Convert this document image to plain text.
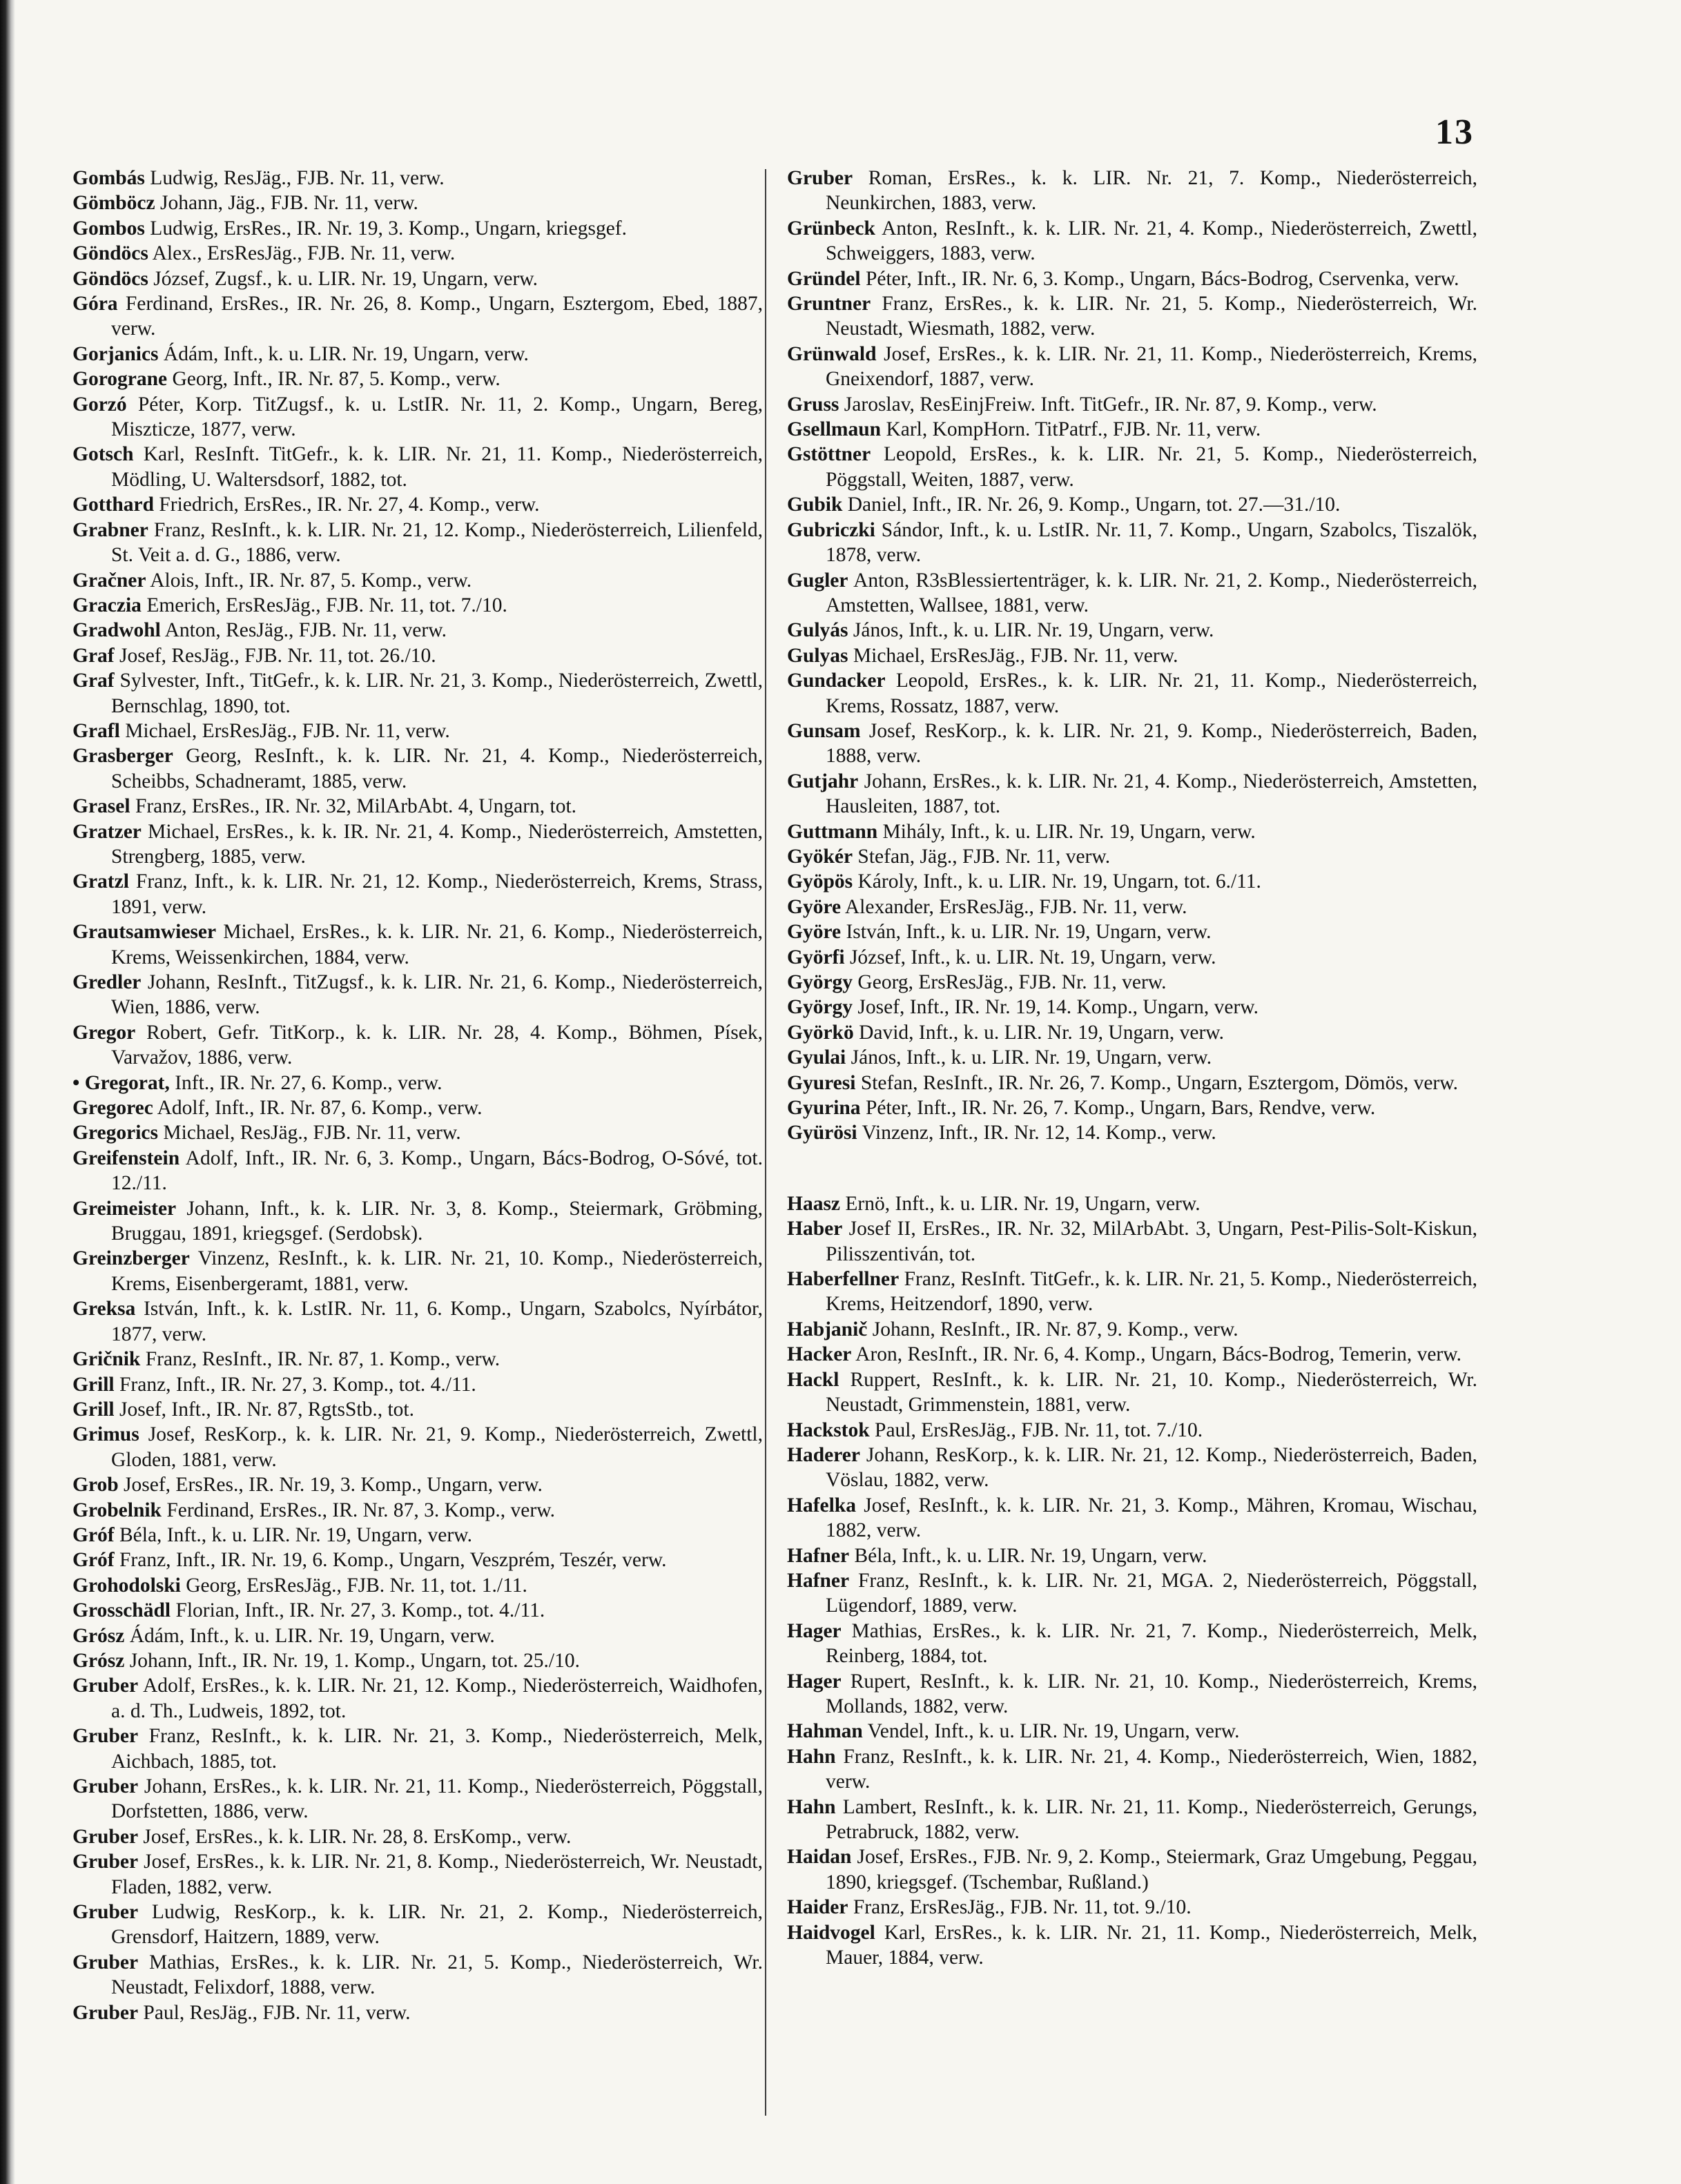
13
Gombás Ludwig, ResJäg., FJB. Nr. 11, verw.
Gömböcz Johann, Jäg., FJB. Nr. 11, verw.
Gombos Ludwig, ErsRes., IR. Nr. 19, 3. Komp., Ungarn, kriegsgef.
Göndöcs Alex., ErsResJäg., FJB. Nr. 11, verw.
Göndöcs József, Zugsf., k. u. LIR. Nr. 19, Ungarn, verw.
Góra Ferdinand, ErsRes., IR. Nr. 26, 8. Komp., Ungarn, Esztergom, Ebed, 1887, verw.
Gorjanics Ádám, Inft., k. u. LIR. Nr. 19, Ungarn, verw.
Gorograne Georg, Inft., IR. Nr. 87, 5. Komp., verw.
Gorzó Péter, Korp. TitZugsf., k. u. LstIR. Nr. 11, 2. Komp., Ungarn, Bereg, Miszticze, 1877, verw.
Gotsch Karl, ResInft. TitGefr., k. k. LIR. Nr. 21, 11. Komp., Niederösterreich, Mödling, U. Waltersdsorf, 1882, tot.
Gotthard Friedrich, ErsRes., IR. Nr. 27, 4. Komp., verw.
Grabner Franz, ResInft., k. k. LIR. Nr. 21, 12. Komp., Niederösterreich, Lilienfeld, St. Veit a. d. G., 1886, verw.
Gračner Alois, Inft., IR. Nr. 87, 5. Komp., verw.
Graczia Emerich, ErsResJäg., FJB. Nr. 11, tot. 7./10.
Gradwohl Anton, ResJäg., FJB. Nr. 11, verw.
Graf Josef, ResJäg., FJB. Nr. 11, tot. 26./10.
Graf Sylvester, Inft., TitGefr., k. k. LIR. Nr. 21, 3. Komp., Niederösterreich, Zwettl, Bernschlag, 1890, tot.
Grafl Michael, ErsResJäg., FJB. Nr. 11, verw.
Grasberger Georg, ResInft., k. k. LIR. Nr. 21, 4. Komp., Niederösterreich, Scheibbs, Schadneramt, 1885, verw.
Grasel Franz, ErsRes., IR. Nr. 32, MilArbAbt. 4, Ungarn, tot.
Gratzer Michael, ErsRes., k. k. IR. Nr. 21, 4. Komp., Niederösterreich, Amstetten, Strengberg, 1885, verw.
Gratzl Franz, Inft., k. k. LIR. Nr. 21, 12. Komp., Niederösterreich, Krems, Strass, 1891, verw.
Grautsamwieser Michael, ErsRes., k. k. LIR. Nr. 21, 6. Komp., Niederösterreich, Krems, Weissenkirchen, 1884, verw.
Gredler Johann, ResInft., TitZugsf., k. k. LIR. Nr. 21, 6. Komp., Niederösterreich, Wien, 1886, verw.
Gregor Robert, Gefr. TitKorp., k. k. LIR. Nr. 28, 4. Komp., Böhmen, Písek, Varvažov, 1886, verw.
• Gregorat, Inft., IR. Nr. 27, 6. Komp., verw.
Gregorec Adolf, Inft., IR. Nr. 87, 6. Komp., verw.
Gregorics Michael, ResJäg., FJB. Nr. 11, verw.
Greifenstein Adolf, Inft., IR. Nr. 6, 3. Komp., Ungarn, Bács-Bodrog, O-Sóvé, tot. 12./11.
Greimeister Johann, Inft., k. k. LIR. Nr. 3, 8. Komp., Steiermark, Gröbming, Bruggau, 1891, kriegsgef. (Serdobsk).
Greinzberger Vinzenz, ResInft., k. k. LIR. Nr. 21, 10. Komp., Niederösterreich, Krems, Eisenbergeramt, 1881, verw.
Greksa István, Inft., k. k. LstIR. Nr. 11, 6. Komp., Ungarn, Szabolcs, Nyírbátor, 1877, verw.
Gričnik Franz, ResInft., IR. Nr. 87, 1. Komp., verw.
Grill Franz, Inft., IR. Nr. 27, 3. Komp., tot. 4./11.
Grill Josef, Inft., IR. Nr. 87, RgtsStb., tot.
Grimus Josef, ResKorp., k. k. LIR. Nr. 21, 9. Komp., Niederösterreich, Zwettl, Gloden, 1881, verw.
Grob Josef, ErsRes., IR. Nr. 19, 3. Komp., Ungarn, verw.
Grobelnik Ferdinand, ErsRes., IR. Nr. 87, 3. Komp., verw.
Gróf Béla, Inft., k. u. LIR. Nr. 19, Ungarn, verw.
Gróf Franz, Inft., IR. Nr. 19, 6. Komp., Ungarn, Veszprém, Teszér, verw.
Grohodolski Georg, ErsResJäg., FJB. Nr. 11, tot. 1./11.
Grosschädl Florian, Inft., IR. Nr. 27, 3. Komp., tot. 4./11.
Grósz Ádám, Inft., k. u. LIR. Nr. 19, Ungarn, verw.
Grósz Johann, Inft., IR. Nr. 19, 1. Komp., Ungarn, tot. 25./10.
Gruber Adolf, ErsRes., k. k. LIR. Nr. 21, 12. Komp., Niederösterreich, Waidhofen, a. d. Th., Ludweis, 1892, tot.
Gruber Franz, ResInft., k. k. LIR. Nr. 21, 3. Komp., Niederösterreich, Melk, Aichbach, 1885, tot.
Gruber Johann, ErsRes., k. k. LIR. Nr. 21, 11. Komp., Niederösterreich, Pöggstall, Dorfstetten, 1886, verw.
Gruber Josef, ErsRes., k. k. LIR. Nr. 28, 8. ErsKomp., verw.
Gruber Josef, ErsRes., k. k. LIR. Nr. 21, 8. Komp., Niederösterreich, Wr. Neustadt, Fladen, 1882, verw.
Gruber Ludwig, ResKorp., k. k. LIR. Nr. 21, 2. Komp., Niederösterreich, Grensdorf, Haitzern, 1889, verw.
Gruber Mathias, ErsRes., k. k. LIR. Nr. 21, 5. Komp., Niederösterreich, Wr. Neustadt, Felixdorf, 1888, verw.
Gruber Paul, ResJäg., FJB. Nr. 11, verw.
Gruber Roman, ErsRes., k. k. LIR. Nr. 21, 7. Komp., Niederösterreich, Neunkirchen, 1883, verw.
Grünbeck Anton, ResInft., k. k. LIR. Nr. 21, 4. Komp., Niederösterreich, Zwettl, Schweiggers, 1883, verw.
Gründel Péter, Inft., IR. Nr. 6, 3. Komp., Ungarn, Bács-Bodrog, Cservenka, verw.
Gruntner Franz, ErsRes., k. k. LIR. Nr. 21, 5. Komp., Niederösterreich, Wr. Neustadt, Wiesmath, 1882, verw.
Grünwald Josef, ErsRes., k. k. LIR. Nr. 21, 11. Komp., Niederösterreich, Krems, Gneixendorf, 1887, verw.
Gruss Jaroslav, ResEinjFreiw. Inft. TitGefr., IR. Nr. 87, 9. Komp., verw.
Gsellmaun Karl, KompHorn. TitPatrf., FJB. Nr. 11, verw.
Gstöttner Leopold, ErsRes., k. k. LIR. Nr. 21, 5. Komp., Niederösterreich, Pöggstall, Weiten, 1887, verw.
Gubik Daniel, Inft., IR. Nr. 26, 9. Komp., Ungarn, tot. 27.—31./10.
Gubriczki Sándor, Inft., k. u. LstIR. Nr. 11, 7. Komp., Ungarn, Szabolcs, Tiszalök, 1878, verw.
Gugler Anton, R3sBlessiertenträger, k. k. LIR. Nr. 21, 2. Komp., Niederösterreich, Amstetten, Wallsee, 1881, verw.
Gulyás János, Inft., k. u. LIR. Nr. 19, Ungarn, verw.
Gulyas Michael, ErsResJäg., FJB. Nr. 11, verw.
Gundacker Leopold, ErsRes., k. k. LIR. Nr. 21, 11. Komp., Niederösterreich, Krems, Rossatz, 1887, verw.
Gunsam Josef, ResKorp., k. k. LIR. Nr. 21, 9. Komp., Niederösterreich, Baden, 1888, verw.
Gutjahr Johann, ErsRes., k. k. LIR. Nr. 21, 4. Komp., Niederösterreich, Amstetten, Hausleiten, 1887, tot.
Guttmann Mihály, Inft., k. u. LIR. Nr. 19, Ungarn, verw.
Gyökér Stefan, Jäg., FJB. Nr. 11, verw.
Gyöpös Károly, Inft., k. u. LIR. Nr. 19, Ungarn, tot. 6./11.
Györe Alexander, ErsResJäg., FJB. Nr. 11, verw.
Györe István, Inft., k. u. LIR. Nr. 19, Ungarn, verw.
Györfi József, Inft., k. u. LIR. Nt. 19, Ungarn, verw.
György Georg, ErsResJäg., FJB. Nr. 11, verw.
György Josef, Inft., IR. Nr. 19, 14. Komp., Ungarn, verw.
Györkö David, Inft., k. u. LIR. Nr. 19, Ungarn, verw.
Gyulai János, Inft., k. u. LIR. Nr. 19, Ungarn, verw.
Gyuresi Stefan, ResInft., IR. Nr. 26, 7. Komp., Ungarn, Esztergom, Dömös, verw.
Gyurina Péter, Inft., IR. Nr. 26, 7. Komp., Ungarn, Bars, Rendve, verw.
Gyürösi Vinzenz, Inft., IR. Nr. 12, 14. Komp., verw.
Haasz Ernö, Inft., k. u. LIR. Nr. 19, Ungarn, verw.
Haber Josef II, ErsRes., IR. Nr. 32, MilArbAbt. 3, Ungarn, Pest-Pilis-Solt-Kiskun, Pilisszentiván, tot.
Haberfellner Franz, ResInft. TitGefr., k. k. LIR. Nr. 21, 5. Komp., Niederösterreich, Krems, Heitzendorf, 1890, verw.
Habjanič Johann, ResInft., IR. Nr. 87, 9. Komp., verw.
Hacker Aron, ResInft., IR. Nr. 6, 4. Komp., Ungarn, Bács-Bodrog, Temerin, verw.
Hackl Ruppert, ResInft., k. k. LIR. Nr. 21, 10. Komp., Niederösterreich, Wr. Neustadt, Grimmenstein, 1881, verw.
Hackstok Paul, ErsResJäg., FJB. Nr. 11, tot. 7./10.
Haderer Johann, ResKorp., k. k. LIR. Nr. 21, 12. Komp., Niederösterreich, Baden, Vöslau, 1882, verw.
Hafelka Josef, ResInft., k. k. LIR. Nr. 21, 3. Komp., Mähren, Kromau, Wischau, 1882, verw.
Hafner Béla, Inft., k. u. LIR. Nr. 19, Ungarn, verw.
Hafner Franz, ResInft., k. k. LIR. Nr. 21, MGA. 2, Niederösterreich, Pöggstall, Lügendorf, 1889, verw.
Hager Mathias, ErsRes., k. k. LIR. Nr. 21, 7. Komp., Niederösterreich, Melk, Reinberg, 1884, tot.
Hager Rupert, ResInft., k. k. LIR. Nr. 21, 10. Komp., Niederösterreich, Krems, Mollands, 1882, verw.
Hahman Vendel, Inft., k. u. LIR. Nr. 19, Ungarn, verw.
Hahn Franz, ResInft., k. k. LIR. Nr. 21, 4. Komp., Niederösterreich, Wien, 1882, verw.
Hahn Lambert, ResInft., k. k. LIR. Nr. 21, 11. Komp., Niederösterreich, Gerungs, Petrabruck, 1882, verw.
Haidan Josef, ErsRes., FJB. Nr. 9, 2. Komp., Steiermark, Graz Umgebung, Peggau, 1890, kriegsgef. (Tschembar, Rußland.)
Haider Franz, ErsResJäg., FJB. Nr. 11, tot. 9./10.
Haidvogel Karl, ErsRes., k. k. LIR. Nr. 21, 11. Komp., Niederösterreich, Melk, Mauer, 1884, verw.
